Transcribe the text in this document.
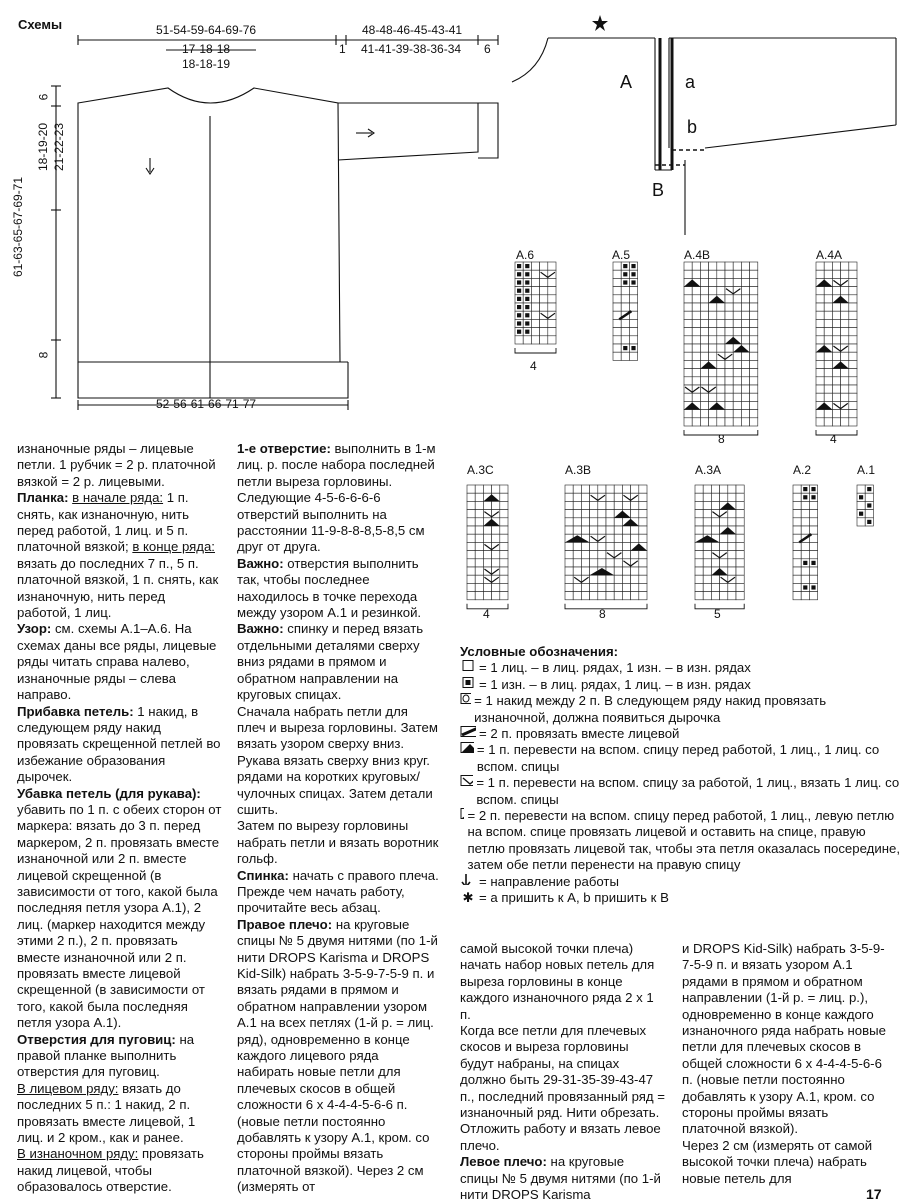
Схемы	51-54-59-64-69-76	48-48-46-45-43-41
17-18-18
18-18-19
1 41-41-39-38-36-34 6
6
18-19-20 21-22-23
61-63-65-67-69-71
8
52-56-61-66-71-77
A	a
b
B
A.6	A.5	A.4B	A.4A
A.3C	A.3B	A.3A	A.2	A.1
4
8	4
4	8	5
Условные обозначения:
= 1 лиц. – в лиц. рядах, 1 изн. – в изн. рядах
= 1 изн. – в лиц. рядах, 1 лиц. – в изн. рядах
= 1 накид между 2 п. В следующем ряду накид провязать изнаночной, должна появиться дырочка
= 2 п. провязать вместе лицевой
= 1 п. перевести на вспом. спицу перед работой, 1 лиц., 1 лиц. со вспом. спицы
= 1 п. перевести на вспом. спицу за работой, 1 лиц., вязать 1 лиц. со вспом. спицы
= 2 п. перевести на вспом. спицу перед работой, 1 лиц., левую петлю на вспом. спице провязать лицевой и оставить на спице, правую петлю провязать лицевой так, чтобы эта петля оказалась посередине, затем обе петли перенести на правую спицу
= направление работы
✱ = а пришить к А, b пришить к В

изнаночные ряды – лицевые петли. 1 рубчик = 2 р. платочной вязкой = 2 р. лицевыми.

Планка: в начале ряда: 1 п. снять, как изнаночную, нить перед работой, 1 лиц. и 5 п. платочной вязкой; в конце ряда: вязать до последних 7 п., 5 п. платочной вязкой, 1 п. снять, как изнаночную, нить перед работой, 1 лиц.

Узор: см. схемы А.1–А.6. На схемах даны все ряды, лицевые ряды читать справа налево, изнаночные ряды – слева направо.

Прибавка петель: 1 накид, в следующем ряду накид провязать скрещенной петлей во избежание образования дырочек.

Убавка петель (для рукава): убавить по 1 п. с обеих сторон от маркера: вязать до 3 п. перед маркером, 2 п. провязать вместе изнаночной или 2 п. вместе лицевой скрещенной (в зависимости от того, какой была последняя петля узора А.1), 2 лиц. (маркер находится между этими 2 п.), 2 п. провязать вместе изнаночной или 2 п. провязать вместе лицевой скрещенной (в зависимости от того, какой была последняя петля узора А.1).

Отверстия для пуговиц: на правой планке выполнить отверстия для пуговиц.

В лицевом ряду: вязать до последних 5 п.: 1 накид, 2 п. провязать вместе лицевой, 1 лиц. и 2 кром., как и ранее.

В изнаночном ряду: провязать накид лицевой, чтобы образовалось отверстие.

1-е отверстие: выполнить в 1-м лиц. р. после набора последней петли выреза горловины.

Следующие 4-5-6-6-6-6 отверстий выполнить на расстоянии 11-9-8-8-8,5-8,5 см друг от друга.

Важно: отверстия выполнить так, чтобы последнее находилось в точке перехода между узором А.1 и резинкой.

Важно: спинку и перед вязать отдельными деталями сверху вниз рядами в прямом и обратном направлении на круговых спицах.

Сначала набрать петли для плеч и выреза горловины. Затем вязать узором сверху вниз.

Рукава вязать сверху вниз круг. рядами на коротких круговых/чулочных спицах. Затем детали сшить.

Затем по вырезу горловины набрать петли и вязать воротник гольф.

Спинка: начать с правого плеча. Прежде чем начать работу, прочитайте весь абзац.

Правое плечо: на круговые спицы № 5 двумя нитями (по 1-й нити DROPS Karisma и DROPS Kid-Silk) набрать 3-5-9-7-5-9 п. и вязать рядами в прямом и обратном направлении узором А.1 на всех петлях (1-й р. = лиц. ряд), одновременно в конце каждого лицевого ряда набирать новые петли для плечевых скосов в общей сложности 6 х 4-4-4-5-6-6 п. (новые петли постоянно добавлять к узору А.1, кром. со стороны проймы вязать платочной вязкой). Через 2 см (измерять от

самой высокой точки плеча) начать набор новых петель для выреза горловины в конце каждого изнаночного ряда 2 х 1 п.

Когда все петли для плечевых скосов и выреза горловины будут набраны, на спицах должно быть 29-31-35-39-43-47 п., последний провязанный ряд = изнаночный ряд. Нити обрезать. Отложить работу и вязать левое плечо.

Левое плечо: на круговые спицы № 5 двумя нитями (по 1-й нити DROPS Karisma

и DROPS Kid-Silk) набрать 3-5-9-7-5-9 п. и вязать узором А.1 рядами в прямом и обратном направлении (1-й р. = лиц. р.), одновременно в конце каждого изнаночного ряда набрать новые петли для плечевых скосов в общей сложности 6 х 4-4-4-5-6-6 п. (новые петли постоянно добавлять к узору А.1, кром. со стороны проймы вязать платочной вязкой).

Через 2 см (измерять от самой высокой точки плеча) набрать новые петель для

17
